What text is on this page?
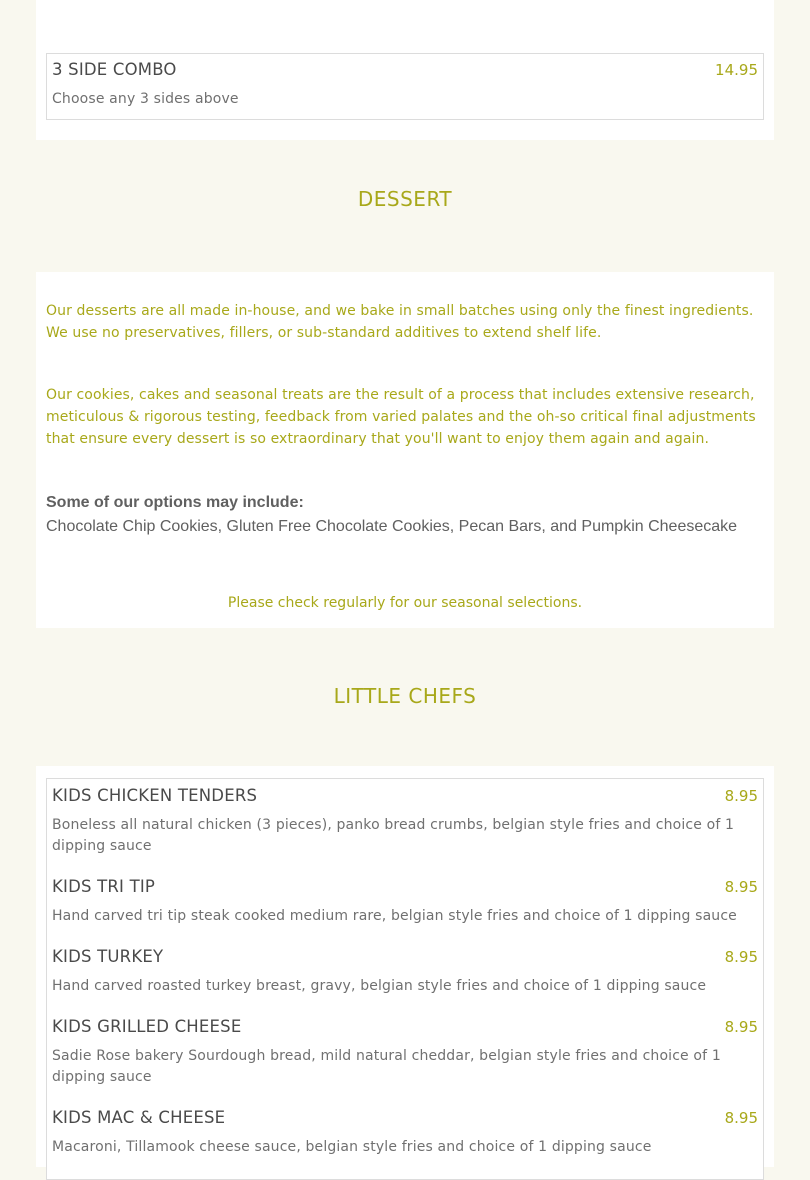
3 SIDE COMBO	14.95
Choose any 3 sides above
DESSERT
Our desserts are all made in-house, and we bake in small batches using only the finest ingredients. We use no preservatives, fillers, or sub-standard additives to extend shelf life.
Our cookies, cakes and seasonal treats are the result of a process that includes extensive research, meticulous & rigorous testing, feedback from varied palates and the oh-so critical final adjustments that ensure every dessert is so extraordinary that you'll want to enjoy them again and again.
Some of our options may include:
Chocolate Chip Cookies, Gluten Free Chocolate Cookies, Pecan Bars, and Pumpkin Cheesecake
Please check regularly for our seasonal selections.
LITTLE CHEFS
KIDS CHICKEN TENDERS	8.95
Boneless all natural chicken (3 pieces), panko bread crumbs, belgian style fries and choice of 1 dipping sauce
KIDS TRI TIP	8.95
Hand carved tri tip steak cooked medium rare, belgian style fries and choice of 1 dipping sauce
KIDS TURKEY	8.95
Hand carved roasted turkey breast, gravy, belgian style fries and choice of 1 dipping sauce
KIDS GRILLED CHEESE	8.95
Sadie Rose bakery Sourdough bread, mild natural cheddar, belgian style fries and choice of 1 dipping sauce
KIDS MAC & CHEESE	8.95
Macaroni, Tillamook cheese sauce, belgian style fries and choice of 1 dipping sauce
